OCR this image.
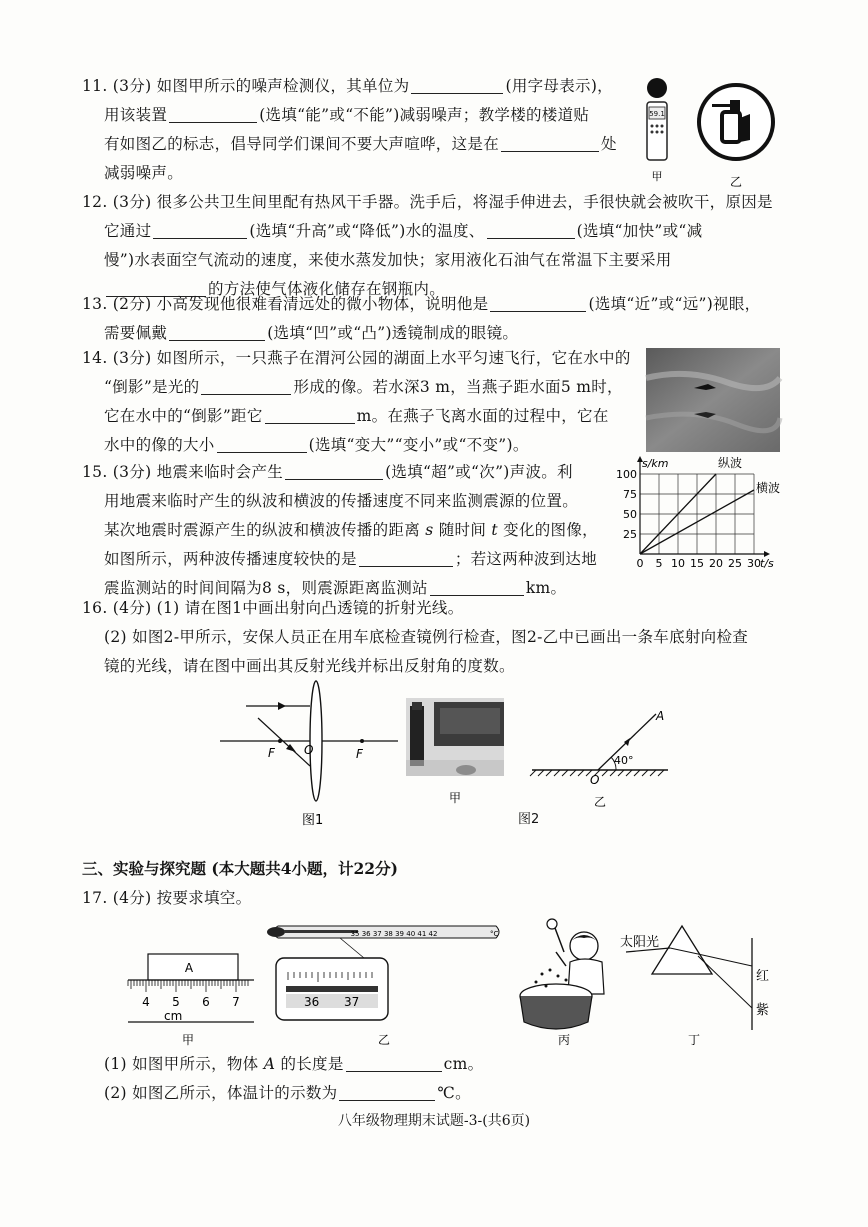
11. (3分) 如图甲所示的噪声检测仪，其单位为	(用字母表示)，
用该装置	(选填“能”或“不能”)减弱噪声；教学楼的楼道贴
有如图乙的标志，倡导同学们课间不要大声喧哗，这是在	处
减弱噪声。
59.1
甲	乙
12. (3分) 很多公共卫生间里配有热风干手器。洗手后，将湿手伸进去，手很快就会被吹干，原因是
它通过	(选填“升高”或“降低”)水的温度、	(选填“加快”或“减
慢”)水表面空气流动的速度，来使水蒸发加快；家用液化石油气在常温下主要采用
的方法使气体液化储存在钢瓶内。
13. (2分) 小高发现他很难看清远处的微小物体，说明他是	(选填“近”或“远”)视眼，
需要佩戴	(选填“凹”或“凸”)透镜制成的眼镜。
14. (3分) 如图所示，一只燕子在渭河公园的湖面上水平匀速飞行，它在水中的
“倒影”是光的	形成的像。若水深3 m，当燕子距水面5 m时，
它在水中的“倒影”距它	m。在燕子飞离水面的过程中，它在
水中的像的大小	(选填“变大”“变小”或“不变”)。
15. (3分) 地震来临时会产生	(选填“超”或“次”)声波。利
用地震来临时产生的纵波和横波的传播速度不同来监测震源的位置。
某次地震时震源产生的纵波和横波传播的距离 s 随时间 t 变化的图像，
如图所示，两种波传播速度较快的是	；若这两种波到达地
震监测站的时间间隔为8 s，则震源距离监测站	km。
0 5 10 15 20 25 30
25
50
75
100
s/km
t/s
纵波
横波
16. (4分) (1) 请在图1中画出射向凸透镜的折射光线。
(2) 如图2-甲所示，安保人员正在用车底检查镜例行检查，图2-乙中已画出一条车底射向检查
镜的光线，请在图中画出其反射光线并标出反射角的度数。
F O	F
图1
甲
40°
A
O
乙
图2
三、实验与探究题 (本大题共4小题，计22分)
17. (4分) 按要求填空。
A
4 5 6 7
cm
甲
35 36 37 38 39 40 41 42	°C
36 37
乙	丙
太阳光
红
紫
丁
(1) 如图甲所示，物体 A 的长度是	cm。
(2) 如图乙所示，体温计的示数为	℃。
八年级物理期末试题-3-(共6页)
